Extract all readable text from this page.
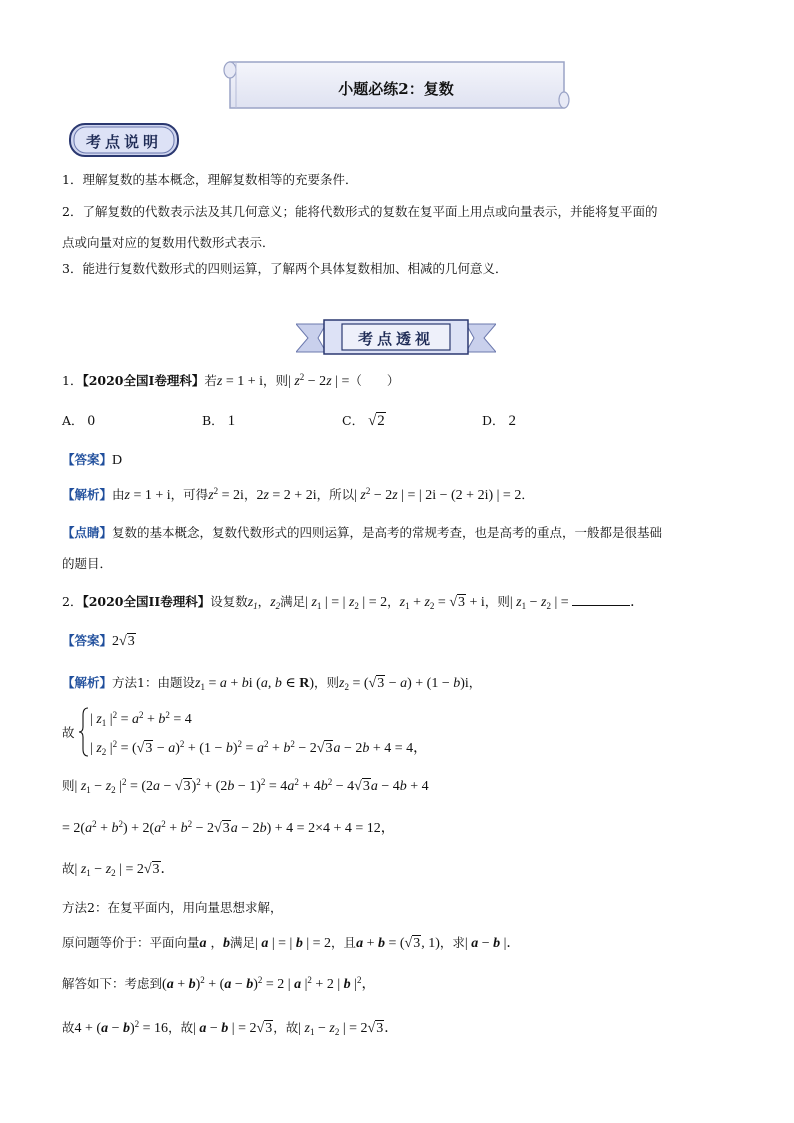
小题必练2：复数
考点说明
1．理解复数的基本概念，理解复数相等的充要条件．
2．了解复数的代数表示法及其几何意义；能将代数形式的复数在复平面上用点或向量表示，并能将复平面的
点或向量对应的复数用代数形式表示．
3．能进行复数代数形式的四则运算，了解两个具体复数相加、相减的几何意义．
考点透视
1．【2020全国I卷理科】若z = 1 + i，则| $z^2 - 2z$ | =（　　）
A． 0	B． 1	C． √2	D． 2
【答案】D
【解析】由z = 1 + i，可得$z^2 = 2i$，2z = 2 + 2i，所以| $z^2 - 2z$ | = | 2i − (2 + 2i) | = 2．
【点睛】复数的基本概念，复数代数形式的四则运算，是高考的常规考查，也是高考的重点，一般都是很基础
的题目．
2．【2020全国II卷理科】设复数$z_1$，$z_2$满足| $z_1$ | = | $z_2$ | = 2，$z_1 + z_2 = √3 + i$，则| $z_1 - z_2$ | =	．
【答案】2√3
【解析】方法1：由题设$z_1 = a$ + bi (a, b ∈ R)，则$z_2 = (√3 - a) + (1 - b)i$，
故
| $z_1$ $|^2 = a^2 + b^2 = 4$
| $z_2$ $|^2 = (√3 - a)^2 + (1 - b)^2 = a^2 + b^2 - 2√3a - 2b + 4 = 4$，
则| $z_1 - z_2$ $|^2 = (2a - √3)^2 + (2b - 1)^2 = 4a^2 + 4b^2 - 4√3a - 4b + 4$
= $2(a^2 + b^2) + 2(a^2 + b^2 - 2√3a - 2b) + 4 = 2\times 4 + 4 = 12$，
故| $z_1 - z_2$ | = 2√3．
方法2：在复平面内，用向量思想求解，
原问题等价于：平面向量a ，b满足| a | = | b | = 2，且a + b = (√3, 1)，求| a − b |．
解答如下：考虑到$(a + b)^2 + (a - b)^2 = 2$ | a $|^2 + 2$ | b $|^2$，
故$4 + (a - b)^2 = 16$，故| a − b | = 2√3，故| $z_1 - z_2$ | = 2√3．
